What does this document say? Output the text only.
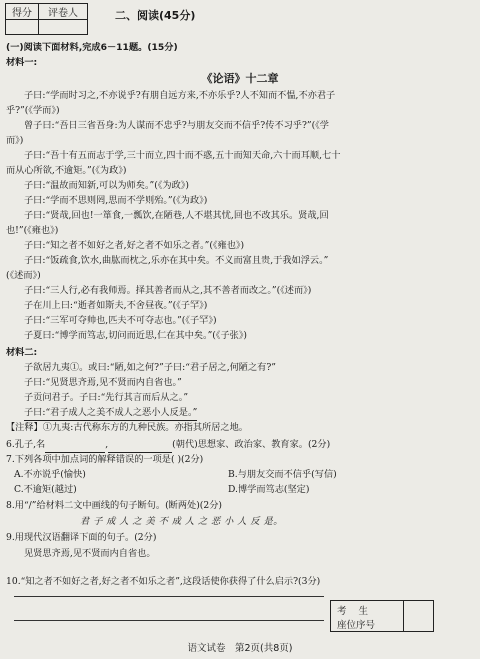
得分	评卷人
		二、阅读(45分)
(一)阅读下面材料,完成6－11题。(15分)
材料一:
《论语》十二章
子曰:“学而时习之,不亦说乎?有朋自远方来,不亦乐乎?人不知而不愠,不亦君子
乎?”(《学而》)
曾子曰:“吾日三省吾身:为人谋而不忠乎?与朋友交而不信乎?传不习乎?”(《学
而》)
子曰:“吾十有五而志于学,三十而立,四十而不惑,五十而知天命,六十而耳顺,七十
而从心所欲,不逾矩。”(《为政》)
子曰:“温故而知新,可以为师矣。”(《为政》)
子曰:“学而不思则罔,思而不学则殆。”(《为政》)
子曰:“贤哉,回也!一箪食,一瓢饮,在陋巷,人不堪其忧,回也不改其乐。贤哉,回
也!”(《雍也》)
子曰:“知之者不如好之者,好之者不如乐之者。”(《雍也》)
子曰:“饭疏食,饮水,曲肱而枕之,乐亦在其中矣。不义而富且贵,于我如浮云。”
(《述而》)
子曰:“三人行,必有我师焉。择其善者而从之,其不善者而改之。”(《述而》)
子在川上曰:“逝者如斯夫,不舍昼夜。”(《子罕》)
子曰:“三军可夺帅也,匹夫不可夺志也。”(《子罕》)
子夏曰:“博学而笃志,切问而近思,仁在其中矣。”(《子张》)
材料二:
子欲居九夷①。或曰:“陋,如之何?”子曰:“君子居之,何陋之有?”
子曰:“见贤思齐焉,见不贤而内自省也。”
子贡问君子。子曰:“先行其言而后从之。”
子曰:“君子成人之美不成人之恶小人反是。”
【注释】①九夷:古代称东方的九种民族。亦指其所居之地。
6.孔子,名	,	(朝代)思想家、政治家、教育家。(2分)
7.下列各项中加点词的解释错误的一项是( )(2分)
A.不亦说乎(愉快)	B.与朋友交而不信乎(写信)
C.不逾矩(越过)	D.博学而笃志(坚定)
8.用“/”给材料二文中画线的句子断句。(断两处)(2分)
君 子 成 人 之 美 不 成 人 之 恶 小 人 反 是。
9.用现代汉语翻译下面的句子。(2分)
见贤思齐焉,见不贤而内自省也。
10.“知之者不如好之者,好之者不如乐之者”,这段话使你获得了什么启示?(3分)
考生
座位序号
语文试卷　第2页(共8页)
